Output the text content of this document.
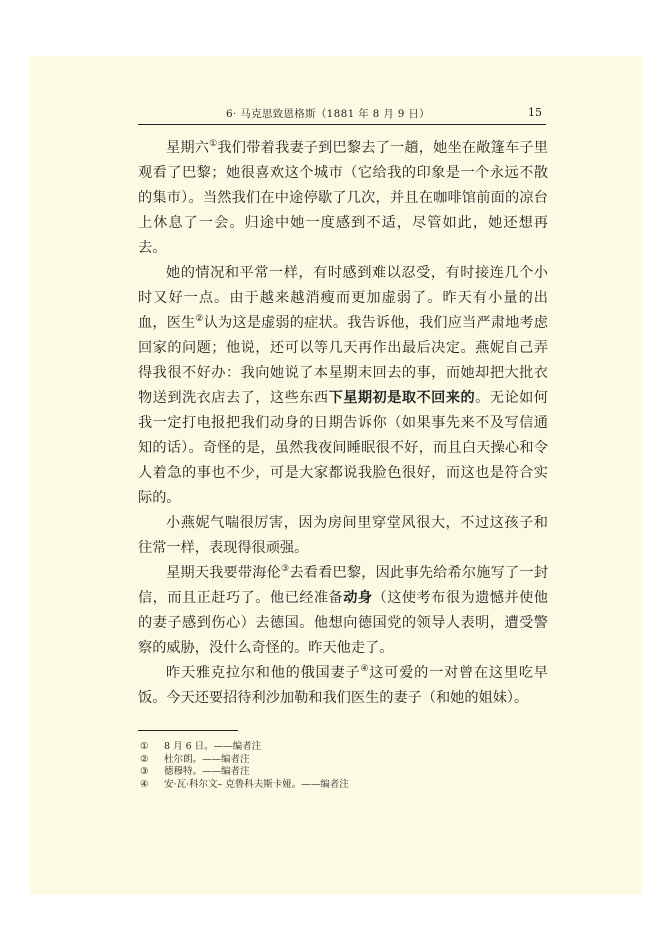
6· 马克思致恩格斯（1881 年 8 月 9 日）	15

星期六①我们带着我妻子到巴黎去了一趟，她坐在敞篷车子里观看了巴黎；她很喜欢这个城市（它给我的印象是一个永远不散的集市）。当然我们在中途停歇了几次，并且在咖啡馆前面的凉台上休息了一会。归途中她一度感到不适，尽管如此，她还想再去。

她的情况和平常一样，有时感到难以忍受，有时接连几个小时又好一点。由于越来越消瘦而更加虚弱了。昨天有小量的出血，医生②认为这是虚弱的症状。我告诉他，我们应当严肃地考虑回家的问题；他说，还可以等几天再作出最后决定。燕妮自己弄得我很不好办：我向她说了本星期末回去的事，而她却把大批衣物送到洗衣店去了，这些东西下星期初是取不回来的。无论如何我一定打电报把我们动身的日期告诉你（如果事先来不及写信通知的话）。奇怪的是，虽然我夜间睡眠很不好，而且白天操心和令人着急的事也不少，可是大家都说我脸色很好，而这也是符合实际的。

小燕妮气喘很厉害，因为房间里穿堂风很大，不过这孩子和往常一样，表现得很顽强。

星期天我要带海伦③去看看巴黎，因此事先给希尔施写了一封信，而且正赶巧了。他已经准备动身（这使考布很为遗憾并使他的妻子感到伤心）去德国。他想向德国党的领导人表明，遭受警察的威胁，没什么奇怪的。昨天他走了。

昨天雅克拉尔和他的俄国妻子④这可爱的一对曾在这里吃早饭。今天还要招待利沙加勒和我们医生的妻子（和她的姐妹）。

①	8 月 6 日。——编者注
②	杜尔朗。——编者注
③	德穆特。——编者注
④	安·瓦·科尔文– 克鲁科夫斯卡娅。——编者注
